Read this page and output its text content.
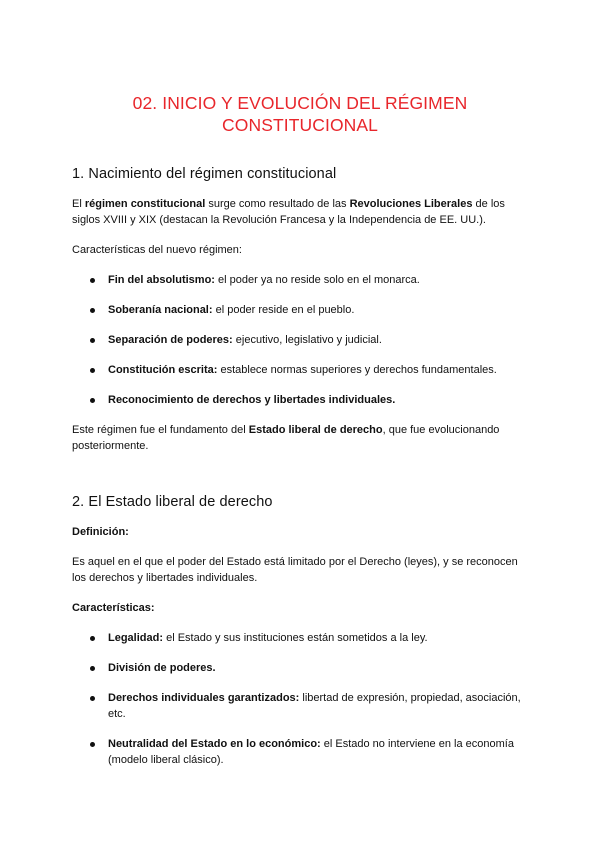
02. INICIO Y EVOLUCIÓN DEL RÉGIMEN
CONSTITUCIONAL
1. Nacimiento del régimen constitucional

El régimen constitucional surge como resultado de las Revoluciones Liberales de los siglos XVIII y XIX (destacan la Revolución Francesa y la Independencia de EE. UU.).

Características del nuevo régimen:

Fin del absolutismo: el poder ya no reside solo en el monarca.
Soberanía nacional: el poder reside en el pueblo.
Separación de poderes: ejecutivo, legislativo y judicial.
Constitución escrita: establece normas superiores y derechos fundamentales.
Reconocimiento de derechos y libertades individuales.

Este régimen fue el fundamento del Estado liberal de derecho, que fue evolucionando posteriormente.

2. El Estado liberal de derecho
Definición:

Es aquel en el que el poder del Estado está limitado por el Derecho (leyes), y se reconocen los derechos y libertades individuales.

Características:
Legalidad: el Estado y sus instituciones están sometidos a la ley.
División de poderes.
Derechos individuales garantizados: libertad de expresión, propiedad, asociación, etc.
Neutralidad del Estado en lo económico: el Estado no interviene en la economía (modelo liberal clásico).
